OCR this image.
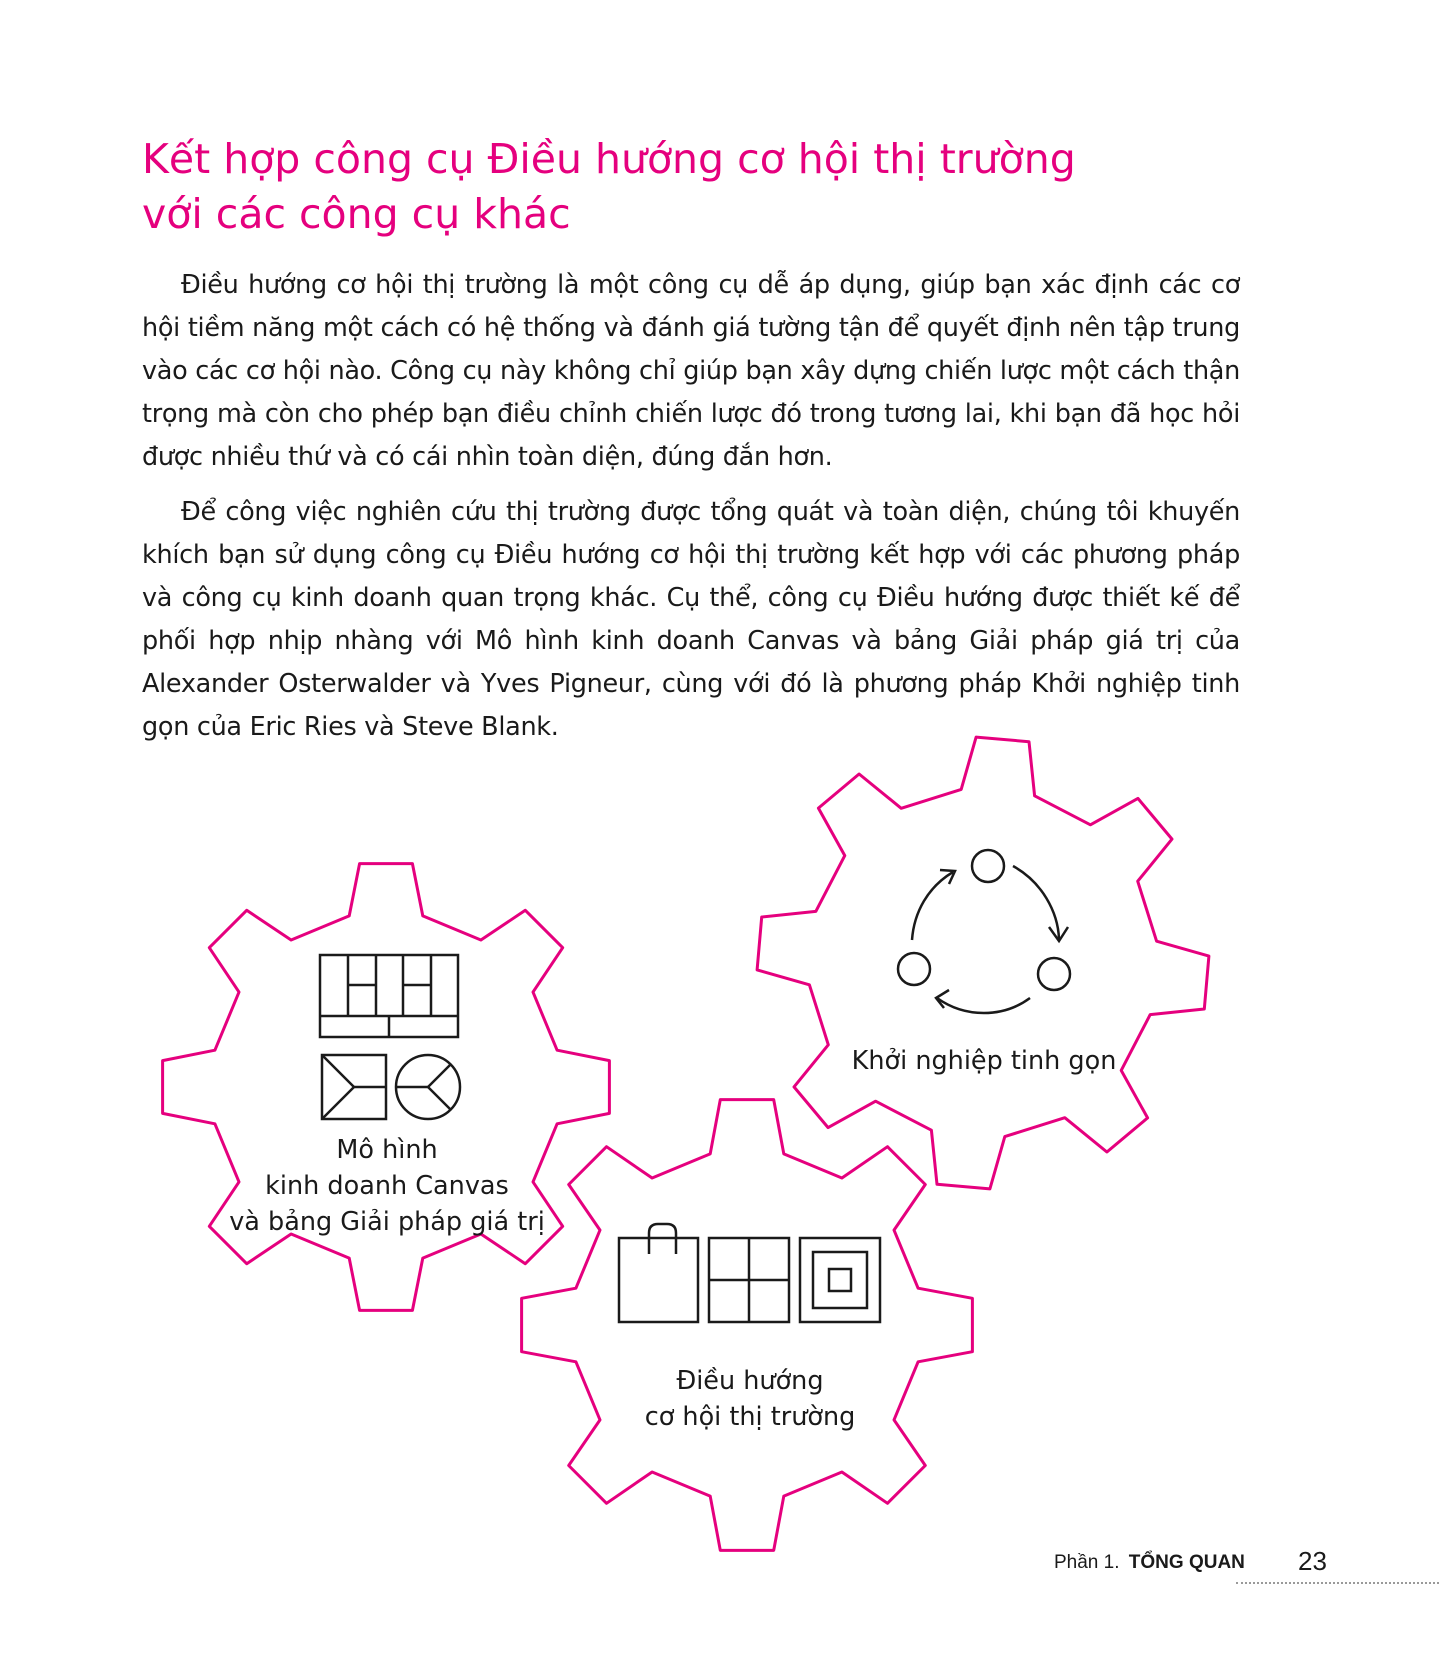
Kết hợp công cụ Điều hướng cơ hội thị trường
với các công cụ khác

Điều hướng cơ hội thị trường là một công cụ dễ áp dụng, giúp bạn xác định các cơ hội tiềm năng một cách có hệ thống và đánh giá tường tận để quyết định nên tập trung vào các cơ hội nào. Công cụ này không chỉ giúp bạn xây dựng chiến lược một cách thận trọng mà còn cho phép bạn điều chỉnh chiến lược đó trong tương lai, khi bạn đã học hỏi được nhiều thứ và có cái nhìn toàn diện, đúng đắn hơn.

Để công việc nghiên cứu thị trường được tổng quát và toàn diện, chúng tôi khuyến khích bạn sử dụng công cụ Điều hướng cơ hội thị trường kết hợp với các phương pháp và công cụ kinh doanh quan trọng khác. Cụ thể, công cụ Điều hướng được thiết kế để phối hợp nhịp nhàng với Mô hình kinh doanh Canvas và bảng Giải pháp giá trị của Alexander Osterwalder và Yves Pigneur, cùng với đó là phương pháp Khởi nghiệp tinh gọn của Eric Ries và Steve Blank.

Mô hình
kinh doanh Canvas
và bảng Giải pháp giá trị
Khởi nghiệp tinh gọn
Điều hướng
cơ hội thị trường
Phần 1. TỔNG QUAN 23
